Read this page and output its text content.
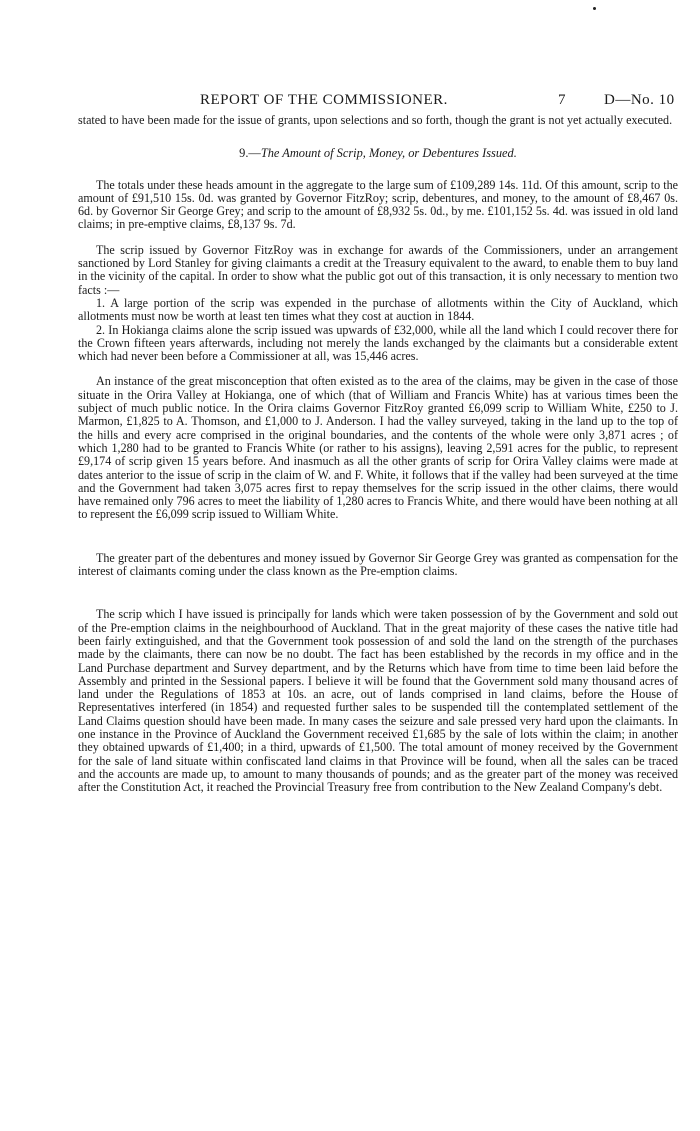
REPORT OF THE COMMISSIONER.	7	D—No. 10

stated to have been made for the issue of grants, upon selections and so forth, though the grant is not yet actually executed.

9.—The Amount of Scrip, Money, or Debentures Issued.

The totals under these heads amount in the aggregate to the large sum of £109,289 14s. 11d. Of this amount, scrip to the amount of £91,510 15s. 0d. was granted by Governor FitzRoy; scrip, debentures, and money, to the amount of £8,467 0s. 6d. by Governor Sir George Grey; and scrip to the amount of £8,932 5s. 0d., by me. £101,152 5s. 4d. was issued in old land claims; in pre-emptive claims, £8,137 9s. 7d.

The scrip issued by Governor FitzRoy was in exchange for awards of the Commissioners, under an arrangement sanctioned by Lord Stanley for giving claimants a credit at the Treasury equivalent to the award, to enable them to buy land in the vicinity of the capital. In order to show what the public got out of this transaction, it is only necessary to mention two facts :—

1. A large portion of the scrip was expended in the purchase of allotments within the City of Auckland, which allotments must now be worth at least ten times what they cost at auction in 1844.

2. In Hokianga claims alone the scrip issued was upwards of £32,000, while all the land which I could recover there for the Crown fifteen years afterwards, including not merely the lands exchanged by the claimants but a considerable extent which had never been before a Commissioner at all, was 15,446 acres.

An instance of the great misconception that often existed as to the area of the claims, may be given in the case of those situate in the Orira Valley at Hokianga, one of which (that of William and Francis White) has at various times been the subject of much public notice. In the Orira claims Governor FitzRoy granted £6,099 scrip to William White, £250 to J. Marmon, £1,825 to A. Thomson, and £1,000 to J. Anderson. I had the valley surveyed, taking in the land up to the top of the hills and every acre comprised in the original boundaries, and the contents of the whole were only 3,871 acres ; of which 1,280 had to be granted to Francis White (or rather to his assigns), leaving 2,591 acres for the public, to represent £9,174 of scrip given 15 years before. And inasmuch as all the other grants of scrip for Orira Valley claims were made at dates anterior to the issue of scrip in the claim of W. and F. White, it follows that if the valley had been surveyed at the time and the Government had taken 3,075 acres first to repay themselves for the scrip issued in the other claims, there would have remained only 796 acres to meet the liability of 1,280 acres to Francis White, and there would have been nothing at all to represent the £6,099 scrip issued to William White.

The greater part of the debentures and money issued by Governor Sir George Grey was granted as compensation for the interest of claimants coming under the class known as the Pre-emption claims.

The scrip which I have issued is principally for lands which were taken possession of by the Government and sold out of the Pre-emption claims in the neighbourhood of Auckland. That in the great majority of these cases the native title had been fairly extinguished, and that the Government took possession of and sold the land on the strength of the purchases made by the claimants, there can now be no doubt. The fact has been established by the records in my office and in the Land Purchase department and Survey department, and by the Returns which have from time to time been laid before the Assembly and printed in the Sessional papers. I believe it will be found that the Government sold many thousand acres of land under the Regulations of 1853 at 10s. an acre, out of lands comprised in land claims, before the House of Representatives interfered (in 1854) and requested further sales to be suspended till the contemplated settlement of the Land Claims question should have been made. In many cases the seizure and sale pressed very hard upon the claimants. In one instance in the Province of Auckland the Government received £1,685 by the sale of lots within the claim; in another they obtained upwards of £1,400; in a third, upwards of £1,500. The total amount of money received by the Government for the sale of land situate within confiscated land claims in that Province will be found, when all the sales can be traced and the accounts are made up, to amount to many thousands of pounds; and as the greater part of the money was received after the Constitution Act, it reached the Provincial Treasury free from contribution to the New Zealand Company's debt.
